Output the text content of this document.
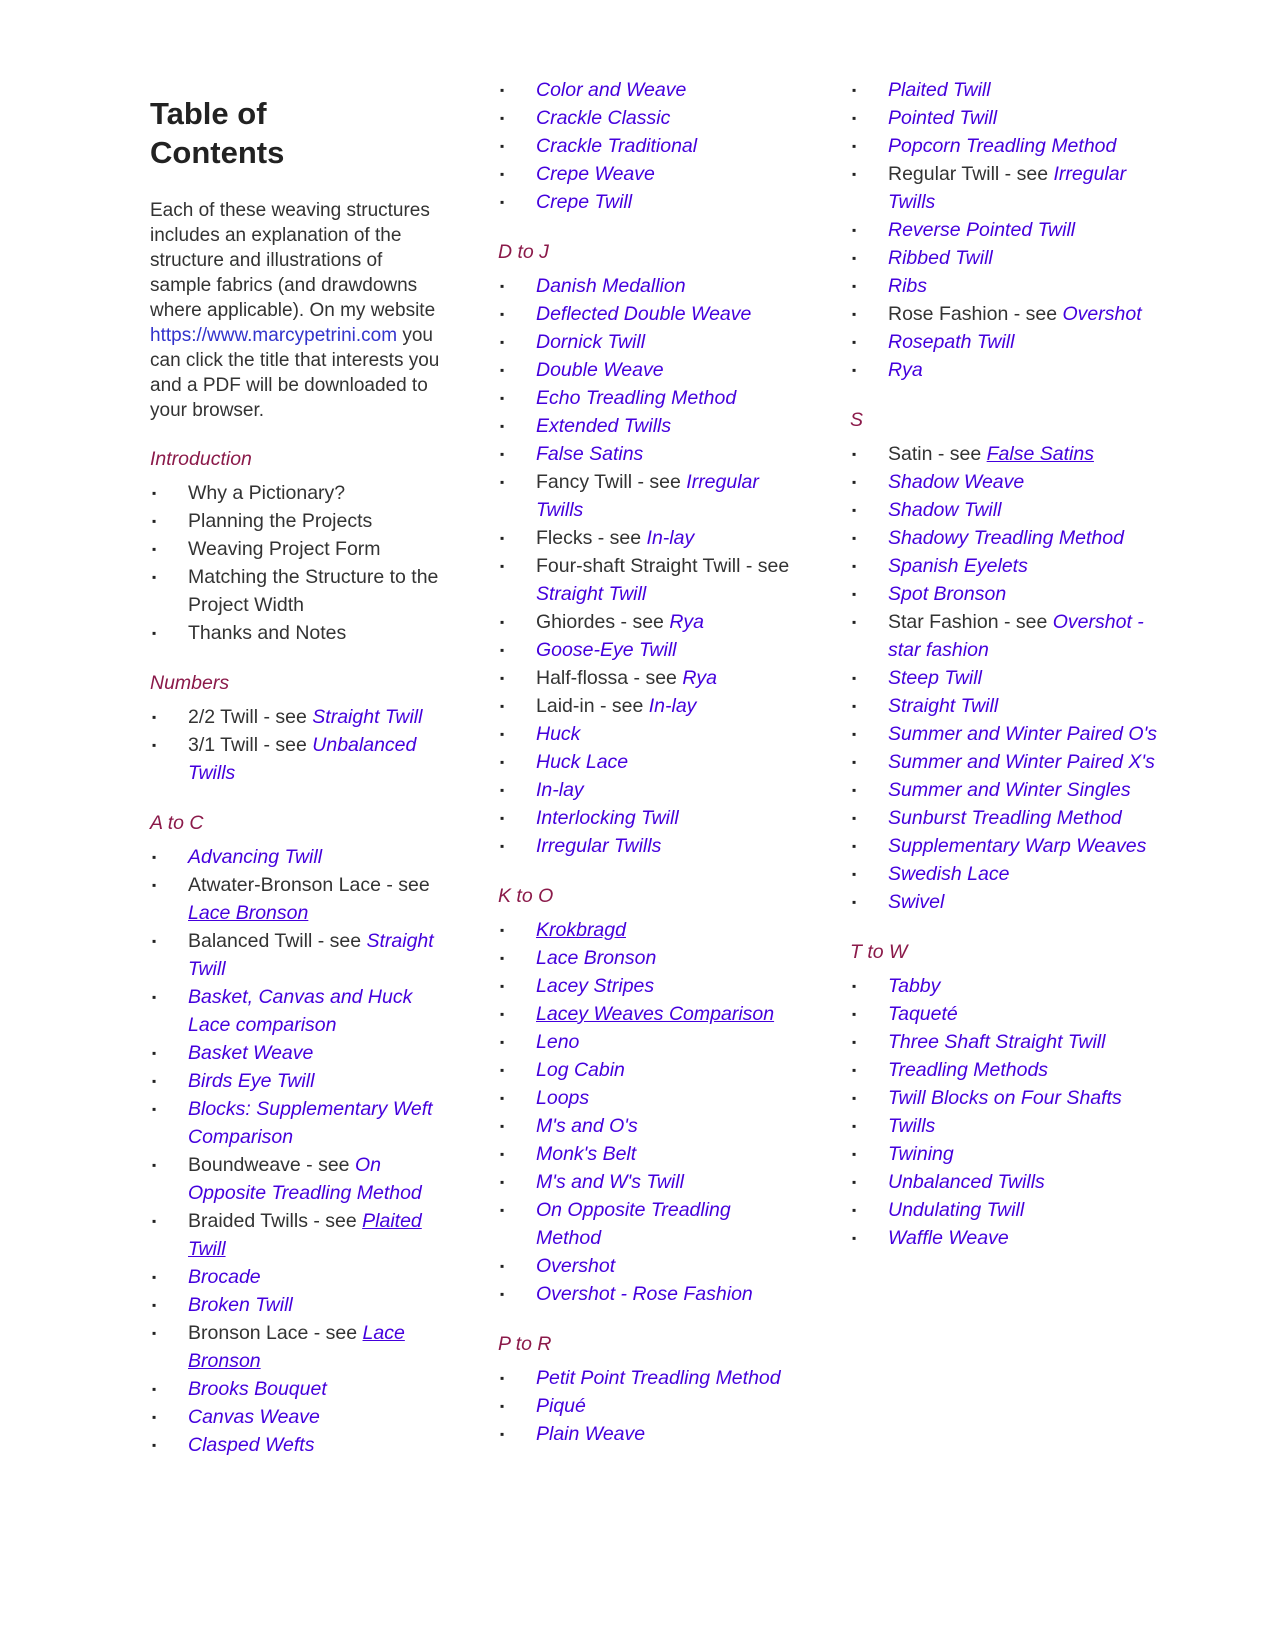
Table of
Contents

Each of these weaving structures includes an explanation of the structure and illustrations of sample fabrics (and drawdowns where applicable). On my website https://www.marcypetrini.com you can click the title that interests you and a PDF will be downloaded to your browser.

Introduction
▪ Why a Pictionary?
▪ Planning the Projects
▪ Weaving Project Form
▪ Matching the Structure to the Project Width
▪ Thanks and Notes
Numbers
▪ 2/2 Twill - see Straight Twill
▪ 3/1 Twill - see Unbalanced Twills
A to C
▪ Advancing Twill
▪ Atwater-Bronson Lace - see Lace Bronson
▪ Balanced Twill - see Straight Twill
▪ Basket, Canvas and Huck Lace comparison
▪ Basket Weave
▪ Birds Eye Twill
▪ Blocks: Supplementary Weft Comparison
▪ Boundweave - see On Opposite Treadling Method
▪ Braided Twills - see Plaited Twill
▪ Brocade
▪ Broken Twill
▪ Bronson Lace - see Lace Bronson
▪ Brooks Bouquet
▪ Canvas Weave
▪ Clasped Wefts
▪ Color and Weave
▪ Crackle Classic
▪ Crackle Traditional
▪ Crepe Weave
▪ Crepe Twill
D to J
▪ Danish Medallion
▪ Deflected Double Weave
▪ Dornick Twill
▪ Double Weave
▪ Echo Treadling Method
▪ Extended Twills
▪ False Satins
▪ Fancy Twill - see Irregular Twills
▪ Flecks - see In-lay
▪ Four-shaft Straight Twill - see Straight Twill
▪ Ghiordes - see Rya
▪ Goose-Eye Twill
▪ Half-flossa - see Rya
▪ Laid-in - see In-lay
▪ Huck
▪ Huck Lace
▪ In-lay
▪ Interlocking Twill
▪ Irregular Twills
K to O
▪ Krokbragd
▪ Lace Bronson
▪ Lacey Stripes
▪ Lacey Weaves Comparison
▪ Leno
▪ Log Cabin
▪ Loops
▪ M's and O's
▪ Monk's Belt
▪ M's and W's Twill
▪ On Opposite Treadling Method
▪ Overshot
▪ Overshot - Rose Fashion
P to R
▪ Petit Point Treadling Method
▪ Piqué
▪ Plain Weave
▪ Plaited Twill
▪ Pointed Twill
▪ Popcorn Treadling Method
▪ Regular Twill - see Irregular Twills
▪ Reverse Pointed Twill
▪ Ribbed Twill
▪ Ribs
▪ Rose Fashion - see Overshot
▪ Rosepath Twill
▪ Rya
S
▪ Satin - see False Satins
▪ Shadow Weave
▪ Shadow Twill
▪ Shadowy Treadling Method
▪ Spanish Eyelets
▪ Spot Bronson
▪ Star Fashion - see Overshot - star fashion
▪ Steep Twill
▪ Straight Twill
▪ Summer and Winter Paired O's
▪ Summer and Winter Paired X's
▪ Summer and Winter Singles
▪ Sunburst Treadling Method
▪ Supplementary Warp Weaves
▪ Swedish Lace
▪ Swivel
T to W
▪ Tabby
▪ Taqueté
▪ Three Shaft Straight Twill
▪ Treadling Methods
▪ Twill Blocks on Four Shafts
▪ Twills
▪ Twining
▪ Unbalanced Twills
▪ Undulating Twill
▪ Waffle Weave
